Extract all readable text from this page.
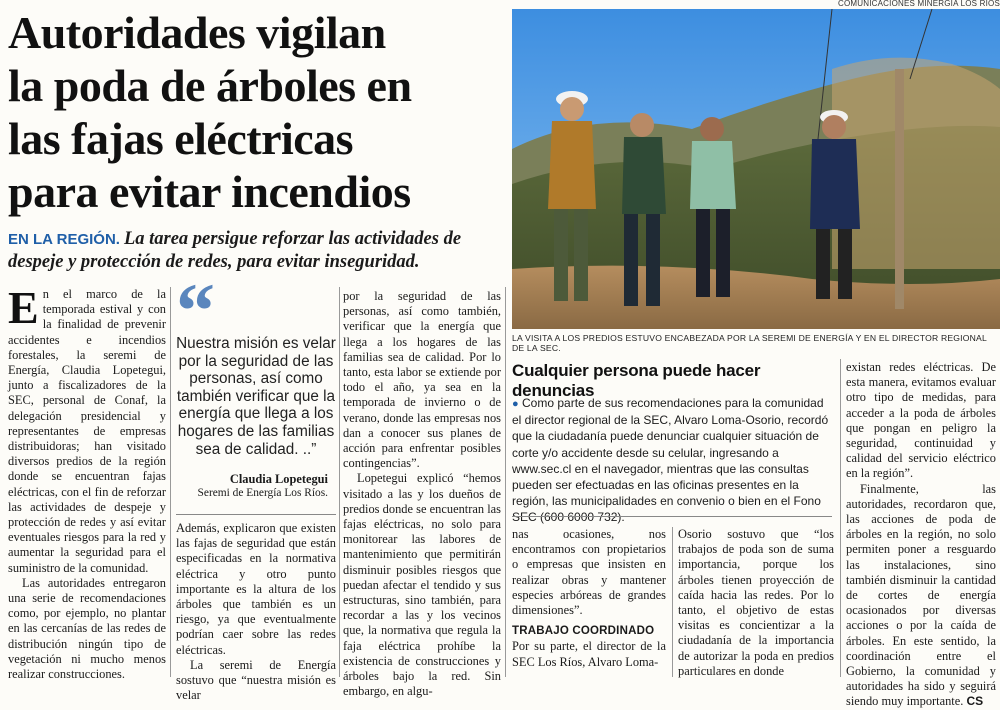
Autoridades vigilan
la poda de árboles en
las fajas eléctricas
para evitar incendios
EN LA REGIÓN. La tarea persigue reforzar las actividades de despeje y protección de redes, para evitar inseguridad.

En el marco de la temporada estival y con la finalidad de prevenir accidentes e incendios forestales, la seremi de Energía, Claudia Lopetegui, junto a fiscalizadores de la SEC, personal de Conaf, la delegación presidencial y representantes de empresas distribuidoras; han visitado diversos predios de la región donde se encuentran fajas eléctricas, con el fin de reforzar las actividades de despeje y protección de redes y así evitar eventuales riesgos para la red y aumentar la seguridad para el suministro de la comunidad.

Las autoridades entregaron una serie de recomendaciones como, por ejemplo, no plantar en las cercanías de las redes de distribución ningún tipo de vegetación ni mucho menos realizar construcciones.

“
Nuestra misión es velar por la seguridad de las personas, así como también verificar que la energía que llega a los hogares de las familias sea de calidad. ..”
Claudia Lopetegui
Seremi de Energía Los Ríos.

Además, explicaron que existen las fajas de seguridad que están especificadas en la normativa eléctrica y otro punto importante es la altura de los árboles que también es un riesgo, ya que eventualmente podrían caer sobre las redes eléctricas.

La seremi de Energía sostuvo que “nuestra misión es velar

por la seguridad de las personas, así como también, verificar que la energía que llega a los hogares de las familias sea de calidad. Por lo tanto, esta labor se extiende por todo el año, ya sea en la temporada de invierno o de verano, donde las empresas nos dan a conocer sus planes de acción para enfrentar posibles contingencias”.

Lopetegui explicó “hemos visitado a las y los dueños de predios donde se encuentran las fajas eléctricas, no solo para monitorear las labores de mantenimiento que permitirán disminuir posibles riesgos que puedan afectar el tendido y sus estructuras, sino también, para recordar a las y los vecinos que, la normativa que regula la faja eléctrica prohíbe la existencia de construcciones y árboles bajo la red. Sin embargo, en algu-

COMUNICACIONES MINERGÍA LOS RÍOS
LA VISITA A LOS PREDIOS ESTUVO ENCABEZADA POR LA SEREMI DE ENERGÍA Y EN EL DIRECTOR REGIONAL DE LA SEC.
Cualquier persona puede hacer denuncias
● Como parte de sus recomendaciones para la comunidad el director regional de la SEC, Alvaro Loma-Osorio, recordó que la ciudadanía puede denunciar cualquier situación de corte y/o accidente desde su celular, ingresando a www.sec.cl en el navegador, mientras que las consultas pueden ser efectuadas en las oficinas presentes en la región, las municipalidades en convenio o bien en el Fono SEC (600 6000 732).

nas ocasiones, nos encontramos con propietarios o empresas que insisten en realizar obras y mantener especies arbóreas de grandes dimensiones”.

TRABAJO COORDINADO

Por su parte, el director de la SEC Los Ríos, Alvaro Loma-

Osorio sostuvo que “los trabajos de poda son de suma importancia, porque los árboles tienen proyección de caída hacia las redes. Por lo tanto, el objetivo de estas visitas es concientizar a la ciudadanía de la importancia de autorizar la poda en predios particulares en donde

existan redes eléctricas. De esta manera, evitamos evaluar otro tipo de medidas, para acceder a la poda de árboles que pongan en peligro la seguridad, continuidad y calidad del servicio eléctrico en la región”.

Finalmente, las autoridades, recordaron que, las acciones de poda de árboles en la región, no solo permiten poner a resguardo las instalaciones, sino también disminuir la cantidad de cortes de energía ocasionados por diversas acciones o por la caída de árboles. En este sentido, la coordinación entre el Gobierno, la comunidad y autoridades ha sido y seguirá siendo muy importante. CS
